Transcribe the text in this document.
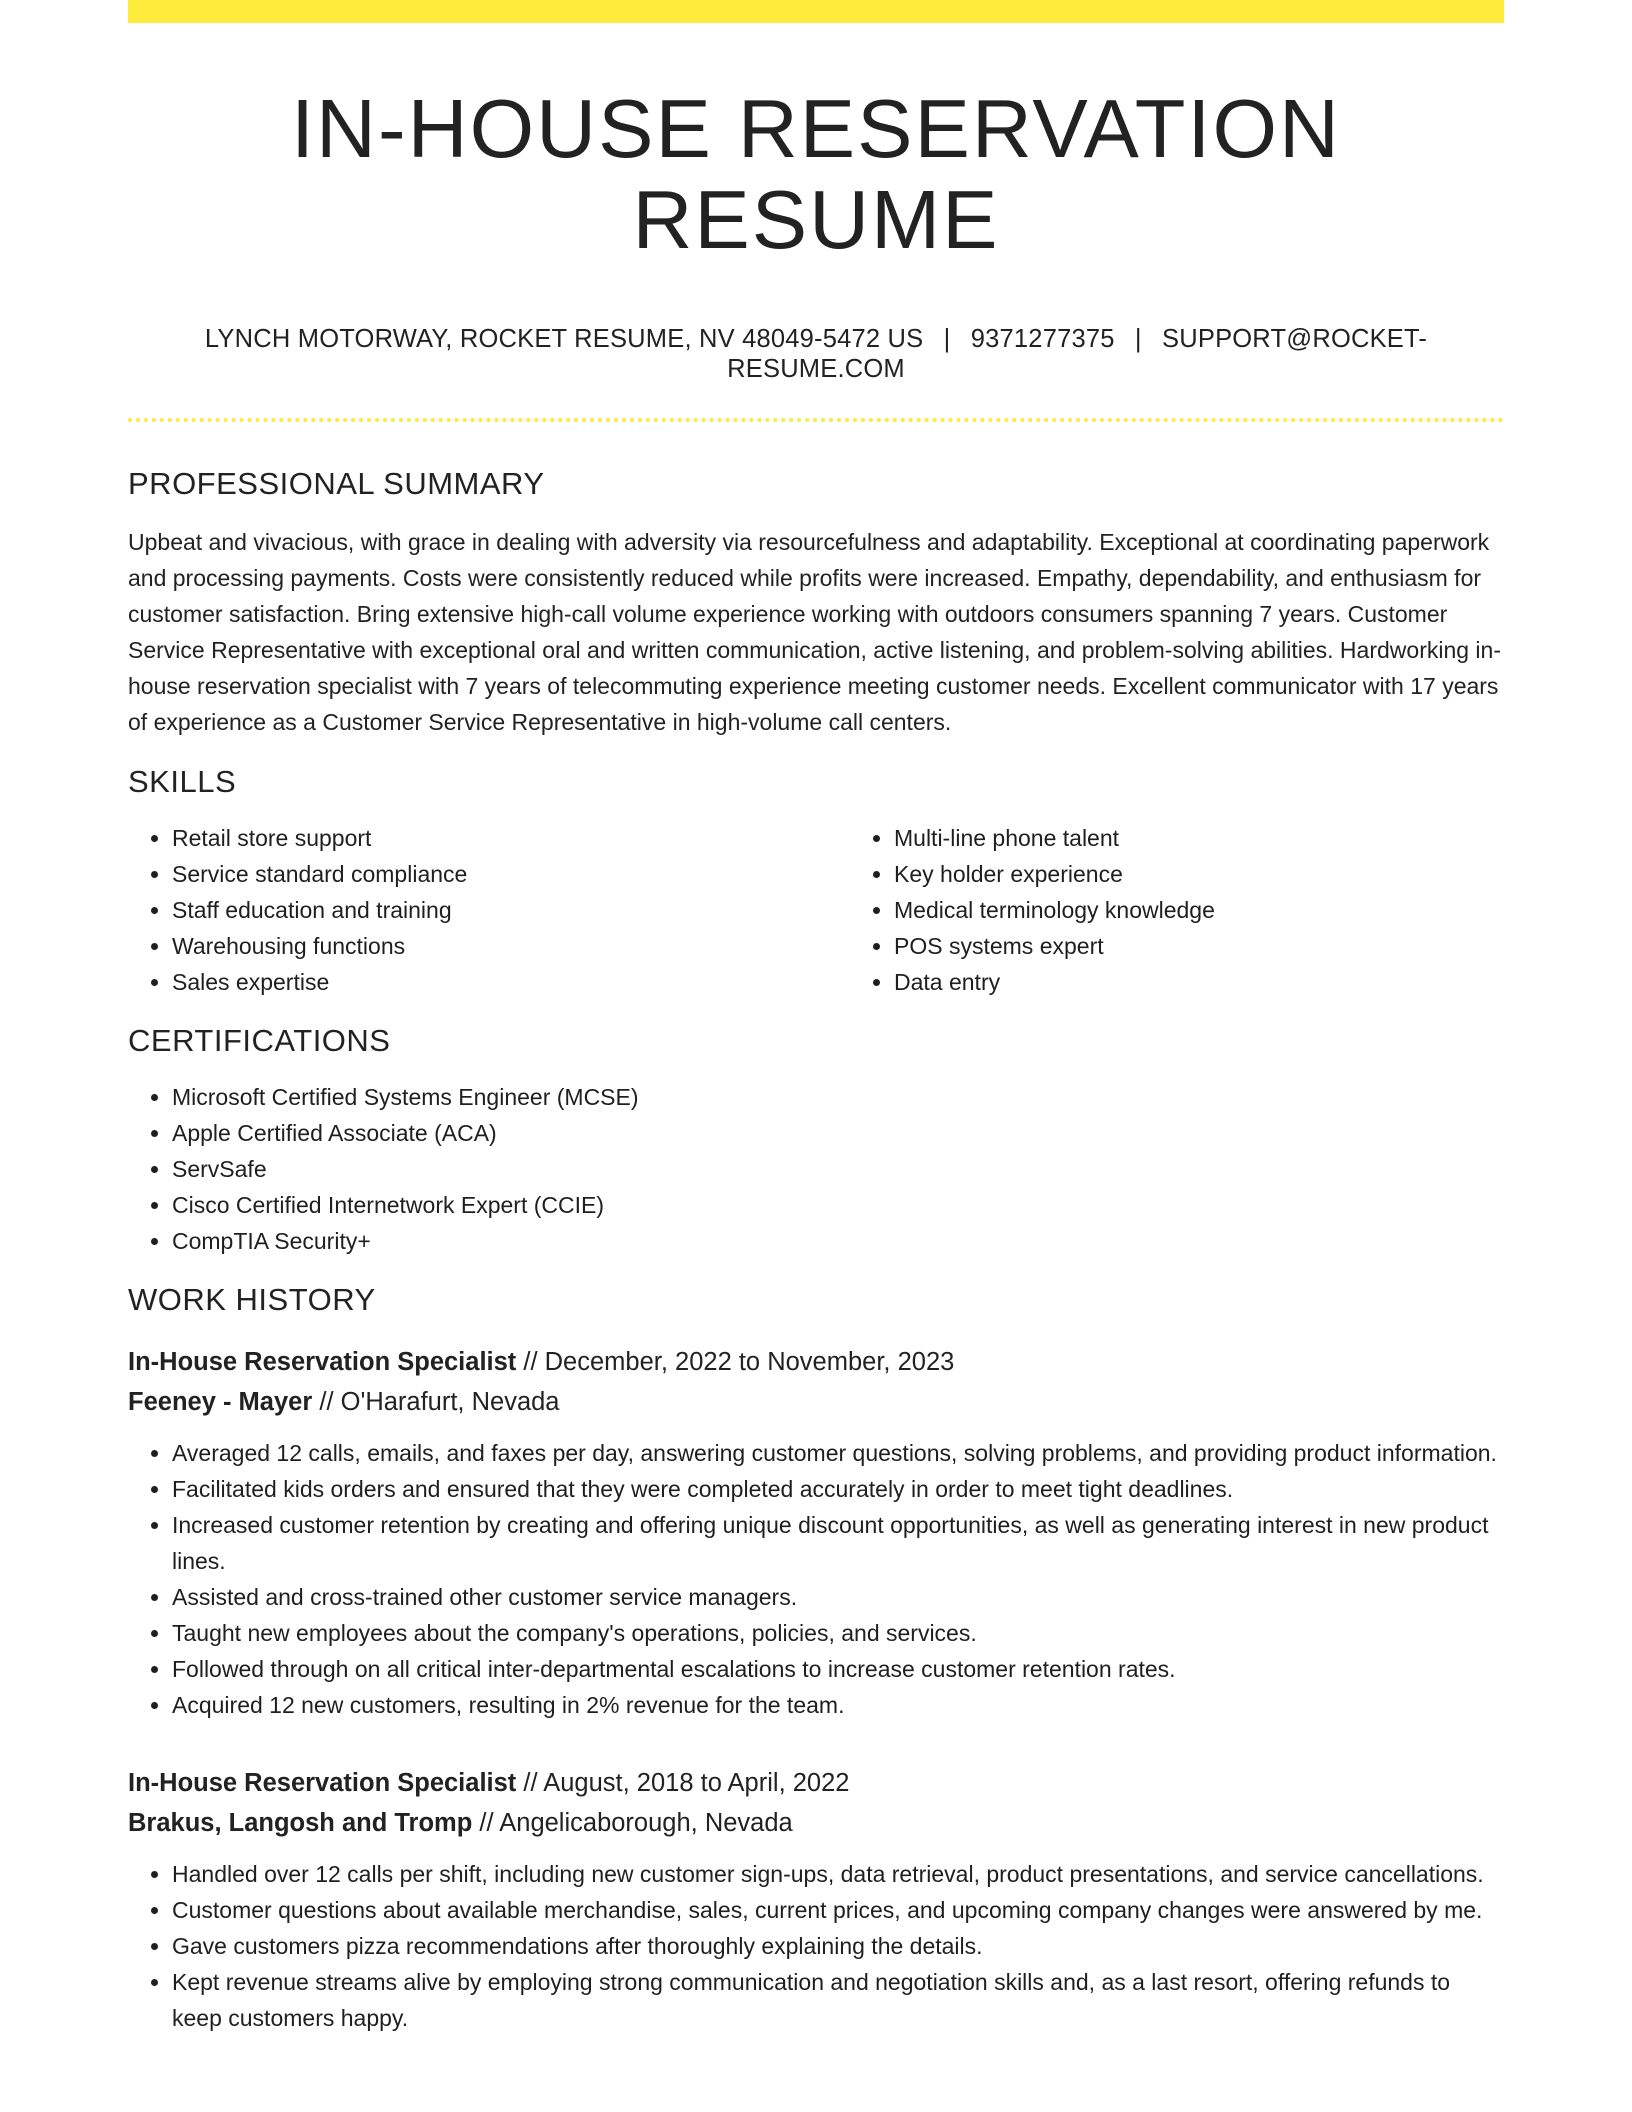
IN-HOUSE RESERVATION RESUME
LYNCH MOTORWAY, ROCKET RESUME, NV 48049-5472 US | 9371277375 | SUPPORT@ROCKET-RESUME.COM
PROFESSIONAL SUMMARY

Upbeat and vivacious, with grace in dealing with adversity via resourcefulness and adaptability. Exceptional at coordinating paperwork and processing payments. Costs were consistently reduced while profits were increased. Empathy, dependability, and enthusiasm for customer satisfaction. Bring extensive high-call volume experience working with outdoors consumers spanning 7 years. Customer Service Representative with exceptional oral and written communication, active listening, and problem-solving abilities. Hardworking in-house reservation specialist with 7 years of telecommuting experience meeting customer needs. Excellent communicator with 17 years of experience as a Customer Service Representative in high-volume call centers.

SKILLS
• Retail store support
• Service standard compliance
• Staff education and training
• Warehousing functions
• Sales expertise
• Multi-line phone talent
• Key holder experience
• Medical terminology knowledge
• POS systems expert
• Data entry
CERTIFICATIONS
• Microsoft Certified Systems Engineer (MCSE)
• Apple Certified Associate (ACA)
• ServSafe
• Cisco Certified Internetwork Expert (CCIE)
• CompTIA Security+
WORK HISTORY
In-House Reservation Specialist // December, 2022 to November, 2023
Feeney - Mayer // O'Harafurt, Nevada
• Averaged 12 calls, emails, and faxes per day, answering customer questions, solving problems, and providing product information.
• Facilitated kids orders and ensured that they were completed accurately in order to meet tight deadlines.
• Increased customer retention by creating and offering unique discount opportunities, as well as generating interest in new product lines.
• Assisted and cross-trained other customer service managers.
• Taught new employees about the company's operations, policies, and services.
• Followed through on all critical inter-departmental escalations to increase customer retention rates.
• Acquired 12 new customers, resulting in 2% revenue for the team.
In-House Reservation Specialist // August, 2018 to April, 2022
Brakus, Langosh and Tromp // Angelicaborough, Nevada
• Handled over 12 calls per shift, including new customer sign-ups, data retrieval, product presentations, and service cancellations.
• Customer questions about available merchandise, sales, current prices, and upcoming company changes were answered by me.
• Gave customers pizza recommendations after thoroughly explaining the details.
• Kept revenue streams alive by employing strong communication and negotiation skills and, as a last resort, offering refunds to keep customers happy.
